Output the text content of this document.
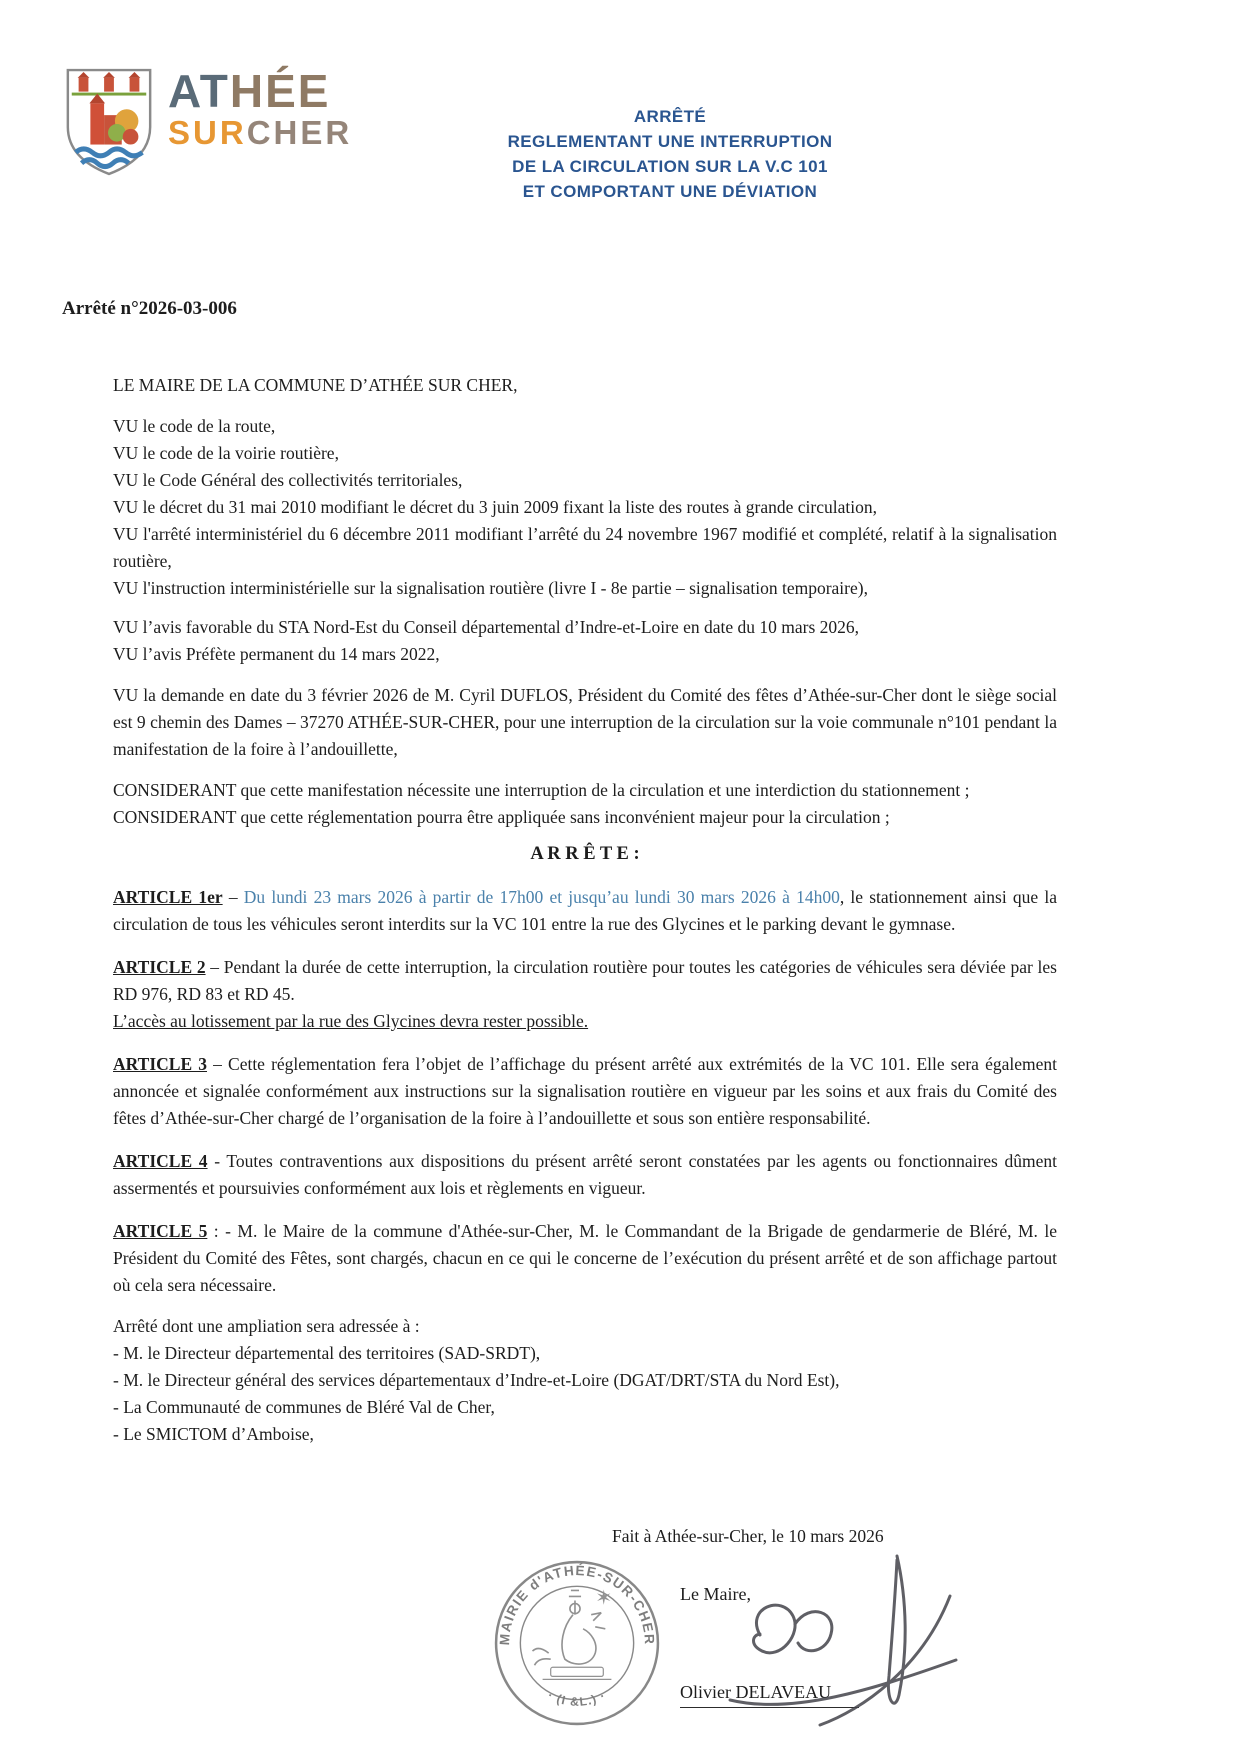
ATHÉE
SURCHER	ARRÊTÉ
REGLEMENTANT UNE INTERRUPTION
DE LA CIRCULATION SUR LA V.C 101
ET COMPORTANT UNE DÉVIATION
Arrêté n°2026-03-006

LE MAIRE DE LA COMMUNE D’ATHÉE SUR CHER,

VU le code de la route,
VU le code de la voirie routière,
VU le Code Général des collectivités territoriales,
VU le décret du 31 mai 2010 modifiant le décret du 3 juin 2009 fixant la liste des routes à grande circulation,
VU l'arrêté interministériel du 6 décembre 2011 modifiant l’arrêté du 24 novembre 1967 modifié et complété, relatif à la signalisation routière,
VU l'instruction interministérielle sur la signalisation routière (livre I - 8e partie – signalisation temporaire),
VU l’avis favorable du STA Nord-Est du Conseil départemental d’Indre-et-Loire en date du 10 mars 2026,
VU l’avis Préfète permanent du 14 mars 2022,

VU la demande en date du 3 février 2026 de M. Cyril DUFLOS, Président du Comité des fêtes d’Athée-sur-Cher dont le siège social est 9 chemin des Dames – 37270 ATHÉE-SUR-CHER, pour une interruption de la circulation sur la voie communale n°101 pendant la manifestation de la foire à l’andouillette,

CONSIDERANT que cette manifestation nécessite une interruption de la circulation et une interdiction du stationnement ;

CONSIDERANT que cette réglementation pourra être appliquée sans inconvénient majeur pour la circulation ;

A R R Ê T E :

ARTICLE 1er – Du lundi 23 mars 2026 à partir de 17h00 et jusqu’au lundi 30 mars 2026 à 14h00, le stationnement ainsi que la circulation de tous les véhicules seront interdits sur la VC 101 entre la rue des Glycines et le parking devant le gymnase.

ARTICLE 2 – Pendant la durée de cette interruption, la circulation routière pour toutes les catégories de véhicules sera déviée par les RD 976, RD 83 et RD 45.
L’accès au lotissement par la rue des Glycines devra rester possible.

ARTICLE 3 – Cette réglementation fera l’objet de l’affichage du présent arrêté aux extrémités de la VC 101. Elle sera également annoncée et signalée conformément aux instructions sur la signalisation routière en vigueur par les soins et aux frais du Comité des fêtes d’Athée-sur-Cher chargé de l’organisation de la foire à l’andouillette et sous son entière responsabilité.

ARTICLE 4 - Toutes contraventions aux dispositions du présent arrêté seront constatées par les agents ou fonctionnaires dûment assermentés et poursuivies conformément aux lois et règlements en vigueur.

ARTICLE 5 : - M. le Maire de la commune d'Athée-sur-Cher, M. le Commandant de la Brigade de gendarmerie de Bléré, M. le Président du Comité des Fêtes, sont chargés, chacun en ce qui le concerne de l’exécution du présent arrêté et de son affichage partout où cela sera nécessaire.

Arrêté dont une ampliation sera adressée à :
- M. le Directeur départemental des territoires (SAD-SRDT),
- M. le Directeur général des services départementaux d’Indre-et-Loire (DGAT/DRT/STA du Nord Est),
- La Communauté de communes de Bléré Val de Cher,
- Le SMICTOM d’Amboise,
Fait à Athée-sur-Cher, le 10 mars 2026
Le Maire,
Olivier DELAVEAU
MAIRIE d'ATHÉE-SUR-CHER
· (I &L.) ·
✶
